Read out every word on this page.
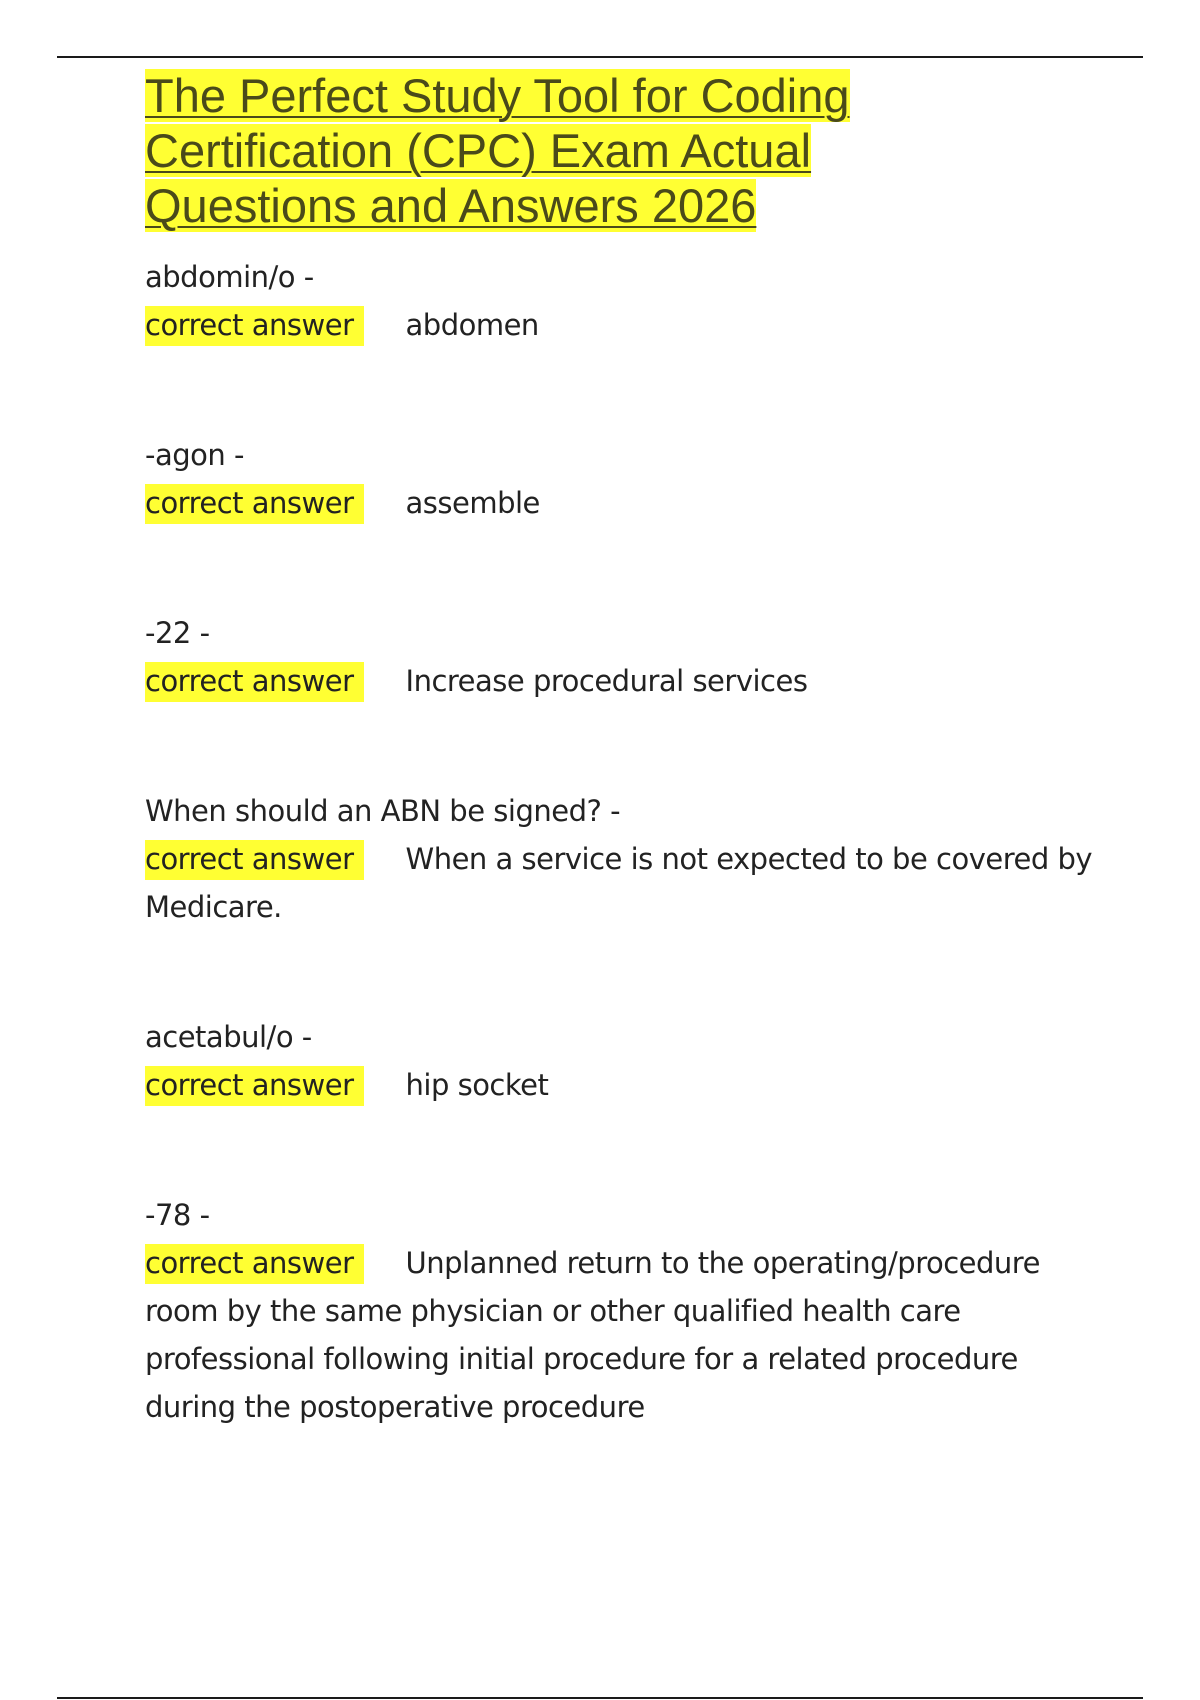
The Perfect Study Tool for Coding Certification (CPC) Exam Actual Questions and Answers 2026

abdomin/o -

correct answer abdomen

-agon -

correct answer assemble

-22 -

correct answer Increase procedural services

When should an ABN be signed? -

correct answer When a service is not expected to be covered by Medicare.

acetabul/o -

correct answer hip socket

-78 -

correct answer Unplanned return to the operating/procedure room by the same physician or other qualified health care professional following initial procedure for a related procedure during the postoperative procedure
